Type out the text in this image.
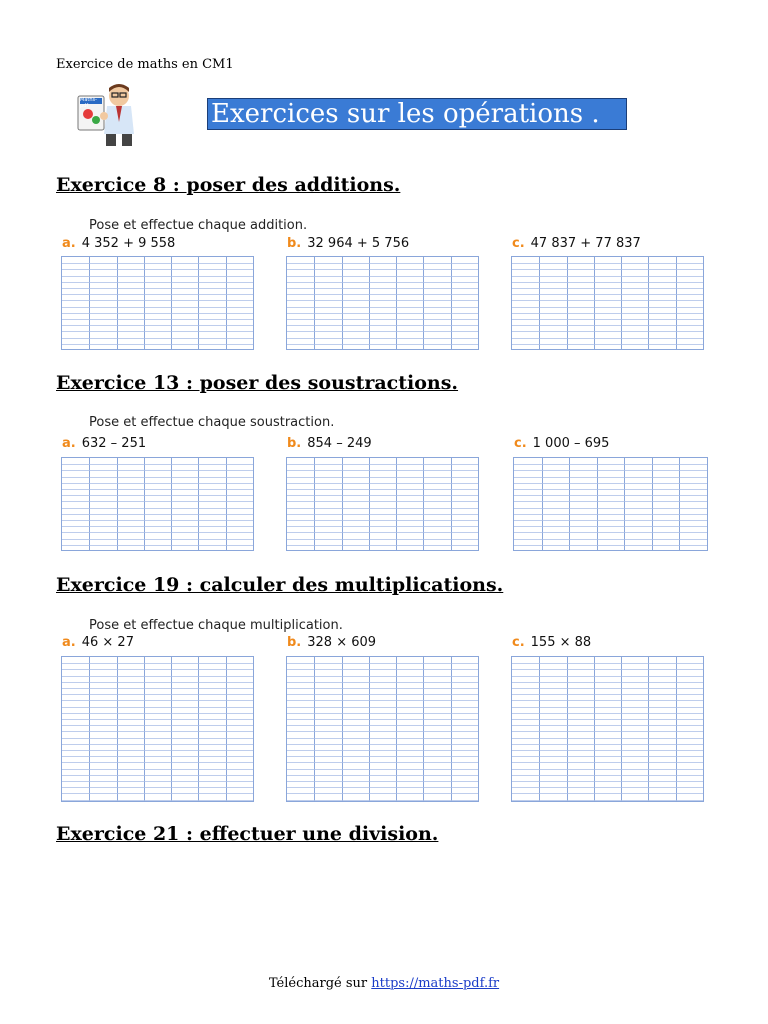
Exercice de maths en CM1
Maths-pdf	Exercices sur les opérations .
Exercice 8 : poser des additions.
Pose et effectue chaque addition.
a. 4 352 + 9 558	b. 32 964 + 5 756	c. 47 837 + 77 837
Exercice 13 : poser des soustractions.
Pose et effectue chaque soustraction.
a. 632 – 251	b. 854 – 249	c. 1 000 – 695
Exercice 19 : calculer des multiplications.
Pose et effectue chaque multiplication.
a. 46 × 27	b. 328 × 609	c. 155 × 88
Exercice 21 : effectuer une division.
Téléchargé sur https://maths-pdf.fr
